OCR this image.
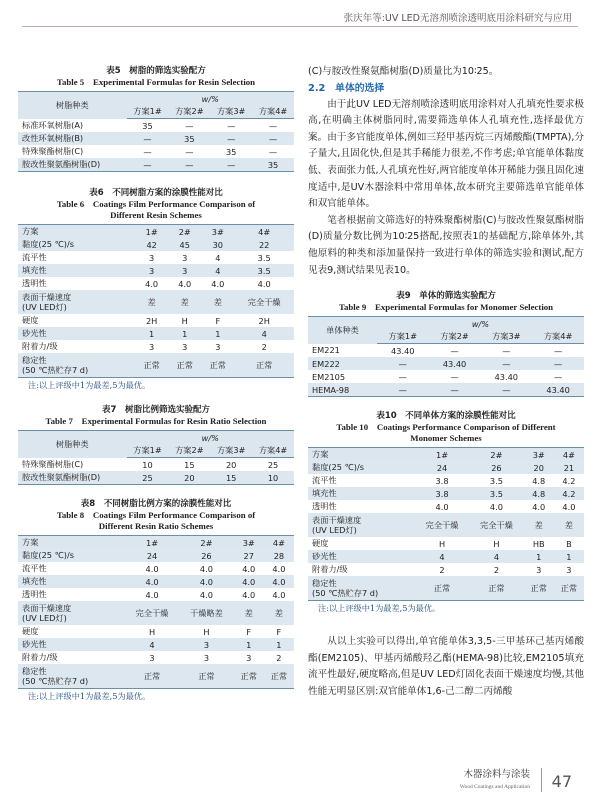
张庆年等:UV LED无溶剂喷涂透明底用涂料研究与应用
表5　树脂的筛选实验配方
Table 5　Experimental Formulas for Resin Selection
树脂种类	w/%			
	方案1#	方案2#	方案3#	方案4#
标准环氧树脂(A)	35	—	—	—
改性环氧树脂(B)	—	35	—	—
特殊聚酯树脂(C)	—	—	35	—
胺改性聚氨酯树脂(D)	—	—	—	35
表6　不同树脂方案的涂膜性能对比
Table 6　Coatings Film Performance Comparison of
Different Resin Schemes
方案	1#	2#	3#	4#
黏度(25 ℃)/s	42	45	30	22
流平性	3	3	4	3.5
填充性	3	3	4	3.5
透明性	4.0	4.0	4.0	4.0
表面干燥速度
(UV LED灯)	差	差	差	完全干燥
硬度	2H	H	F	2H
砂光性	1	1	1	4
附着力/级	3	3	3	2
稳定性
(50 ℃热贮存7 d)	正常	正常	正常	正常
注:以上评级中1为最差,5为最优。
表7　树脂比例筛选实验配方
Table 7　Experimental Formulas for Resin Ratio Selection
树脂种类	w/%			
	方案1#	方案2#	方案3#	方案4#
特殊聚酯树脂(C)	10	15	20	25
胺改性聚氨酯树脂(D)	25	20	15	10
表8　不同树脂比例方案的涂膜性能对比
Table 8　Coatings Film Performance Comparison of
Different Resin Ratio Schemes
方案	1#	2#	3#	4#
黏度(25 ℃)/s	24	26	27	28
流平性	4.0	4.0	4.0	4.0
填充性	4.0	4.0	4.0	4.0
透明性	4.0	4.0	4.0	4.0
表面干燥速度
(UV LED灯)	完全干燥	干燥略差	差	差
硬度	H	H	F	F
砂光性	4	3	1	1
附着力/级	3	3	3	2
稳定性
(50 ℃热贮存7 d)	正常	正常	正常	正常
注:以上评级中1为最差,5为最优。

(C)与胺改性聚氨酯树脂(D)质量比为10∶25。

2.2　单体的选择

由于此UV LED无溶剂喷涂透明底用涂料对人孔填充性要求极高,在明确主体树脂同时,需要筛选单体人孔填充性,选择最优方案。由于多官能度单体,例如三羟甲基丙烷三丙烯酸酯(TMPTA),分子量大,且固化快,但是其手稀能力很差,不作考虑;单官能单体黏度低、表面张力低,人孔填充性好,两官能度单体开稀能力强且固化速度适中,是UV木器涂料中常用单体,故本研究主要筛选单官能单体和双官能单体。

笔者根据前文筛选好的特殊聚酯树脂(C)与胺改性聚氨酯树脂(D)质量分数比例为10∶25搭配,按照表1的基础配方,除单体外,其他原料的种类和添加量保持一致进行单体的筛选实验和测试,配方见表9,测试结果见表10。

表9　单体的筛选实验配方
Table 9　Experimental Formulas for Monomer Selection
单体种类	w/%			
	方案1#	方案2#	方案3#	方案4#
EM221	43.40	—	—	—
EM222	—	43.40	—	—
EM2105	—	—	43.40	—
HEMA-98	—	—	—	43.40
表10　不同单体方案的涂膜性能对比
Table 10　Coatings Performance Comparison of Different
Monomer Schemes
方案	1#	2#	3#	4#
黏度(25 ℃)/s	24	26	20	21
流平性	3.8	3.5	4.8	4.2
填充性	3.8	3.5	4.8	4.2
透明性	4.0	4.0	4.0	4.0
表面干燥速度
(UV LED灯)	完全干燥	完全干燥	差	差
硬度	H	H	HB	B
砂光性	4	4	1	1
附着力/级	2	2	3	3
稳定性
(50 ℃热贮存7 d)	正常	正常	正常	正常
注:以上评级中1为最差,5为最优。

从以上实验可以得出,单官能单体3,3,5-三甲基环己基丙烯酸酯(EM2105)、甲基丙烯酸羟乙酯(HEMA-98)比较,EM2105填充流平性最好,硬度略高,但是UV LED灯固化表面干燥速度均慢,其他性能无明显区别:双官能单体1,6-己二醇二丙烯酸

木器涂料与涂装
Wood Coatings and Application 47
